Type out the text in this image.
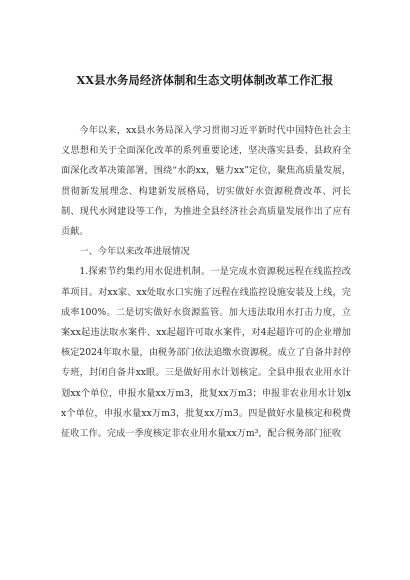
XX县水务局经济体制和生态文明体制改革工作汇报

今年以来，xx县水务局深入学习贯彻习近平新时代中国特色社会主义思想和关于全面深化改革的系列重要论述，坚决落实县委、县政府全面深化改革决策部署，围绕“水韵xx，魅力xx”定位，聚焦高质量发展，贯彻新发展理念、构建新发展格局，切实做好水资源税费改革、河长制、现代水网建设等工作，为推进全县经济社会高质量发展作出了应有贡献。

一、今年以来改革进展情况

1.探索节约集约用水促进机制。一是完成水资源税远程在线监控改革项目。对xx家、xx处取水口实施了远程在线监控设施安装及上线，完成率100%。二是切实做好水资源监管。加大违法取用水打击力度，立案xx起违法取水案件、xx起超许可取水案件，对4起超许可的企业增加核定2024年取水量，由税务部门依法追缴水资源税。成立了自备井封停专班，封闭自备井xx眼。三是做好用水计划核定。全县申报农业用水计划xx个单位，申报水量xx万m3，批复xx万m3；申报非农业用水计划xx个单位，申报水量xx万m3，批复xx万m3。四是做好水量核定和税费征收工作。完成一季度核定非农业用水量xx万m³，配合税务部门征收
